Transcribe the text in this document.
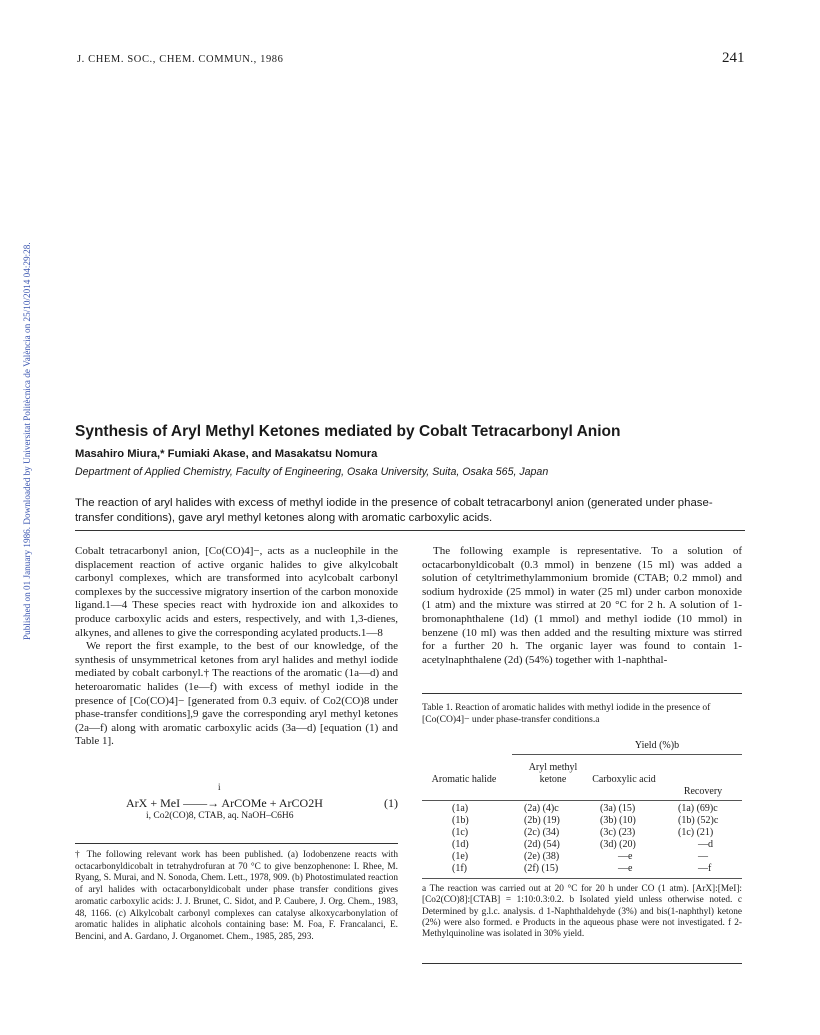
J. CHEM. SOC., CHEM. COMMUN., 1986	241
Published on 01 January 1986. Downloaded by Universitat Politècnica de València on 25/10/2014 04:29:28.	Synthesis of Aryl Methyl Ketones mediated by Cobalt Tetracarbonyl Anion
Masahiro Miura,* Fumiaki Akase, and Masakatsu Nomura
Department of Applied Chemistry, Faculty of Engineering, Osaka University, Suita, Osaka 565, Japan
The reaction of aryl halides with excess of methyl iodide in the presence of cobalt tetracarbonyl anion (generated under phase-transfer conditions), gave aryl methyl ketones along with aromatic carboxylic acids.

Cobalt tetracarbonyl anion, [Co(CO)4]−, acts as a nucleophile in the displacement reaction of active organic halides to give alkylcobalt carbonyl complexes, which are transformed into acylcobalt carbonyl complexes by the successive migratory insertion of the carbon monoxide ligand.1—4 These species react with hydroxide ion and alkoxides to produce carboxylic acids and esters, respectively, and with 1,3-dienes, alkynes, and allenes to give the corresponding acylated products.1—8

We report the first example, to the best of our knowledge, of the synthesis of unsymmetrical ketones from aryl halides and methyl iodide mediated by cobalt carbonyl.† The reactions of the aromatic (1a—d) and heteroaromatic halides (1e—f) with excess of methyl iodide in the presence of [Co(CO)4]− [generated from 0.3 equiv. of Co2(CO)8 under phase-transfer conditions],9 gave the corresponding aryl methyl ketones (2a—f) along with aromatic carboxylic acids (3a—d) [equation (1) and Table 1].

i
ArX + MeI ——→ ArCOMe + ArCO2H	(1)
i, Co2(CO)8, CTAB, aq. NaOH–C6H6
† The following relevant work has been published. (a) Iodobenzene reacts with octacarbonyldicobalt in tetrahydrofuran at 70 °C to give benzophenone: I. Rhee, M. Ryang, S. Murai, and N. Sonoda, Chem. Lett., 1978, 909. (b) Photostimulated reaction of aryl halides with octacarbonyldicobalt under phase transfer conditions gives aromatic carboxylic acids: J. J. Brunet, C. Sidot, and P. Caubere, J. Org. Chem., 1983, 48, 1166. (c) Alkylcobalt carbonyl complexes can catalyse alkoxycarbonylation of aromatic halides in aliphatic alcohols containing base: M. Foa, F. Francalanci, E. Bencini, and A. Gardano, J. Organomet. Chem., 1985, 285, 293.

The following example is representative. To a solution of octacarbonyldicobalt (0.3 mmol) in benzene (15 ml) was added a solution of cetyltrimethylammonium bromide (CTAB; 0.2 mmol) and sodium hydroxide (25 mmol) in water (25 ml) under carbon monoxide (1 atm) and the mixture was stirred at 20 °C for 2 h. A solution of 1-bromonaphthalene (1d) (1 mmol) and methyl iodide (10 mmol) in benzene (10 ml) was then added and the resulting mixture was stirred for a further 20 h. The organic layer was found to contain 1-acetylnaphthalene (2d) (54%) together with 1-naphthal-

Table 1. Reaction of aromatic halides with methyl iodide in the presence of [Co(CO)4]− under phase-transfer conditions.a
Yield (%)b
Aromatic halide
Aryl methyl ketone	Carboxylic acid
Recovery
(1a)	(2a) (4)c	(3a) (15)	(1a) (69)c
(1b)	(2b) (19)	(3b) (10)	(1b) (52)c
(1c)	(2c) (34)	(3c) (23)	(1c) (21)
(1d)	(2d) (54)	(3d) (20)	—d
(1e)	(2e) (38)	—e	—
(1f)	(2f) (15)	—e	—f
a The reaction was carried out at 20 °C for 20 h under CO (1 atm). [ArX]:[MeI]:[Co2(CO)8]:[CTAB] = 1:10:0.3:0.2. b Isolated yield unless otherwise noted. c Determined by g.l.c. analysis. d 1-Naphthaldehyde (3%) and bis(1-naphthyl) ketone (2%) were also formed. e Products in the aqueous phase were not investigated. f 2-Methylquinoline was isolated in 30% yield.
